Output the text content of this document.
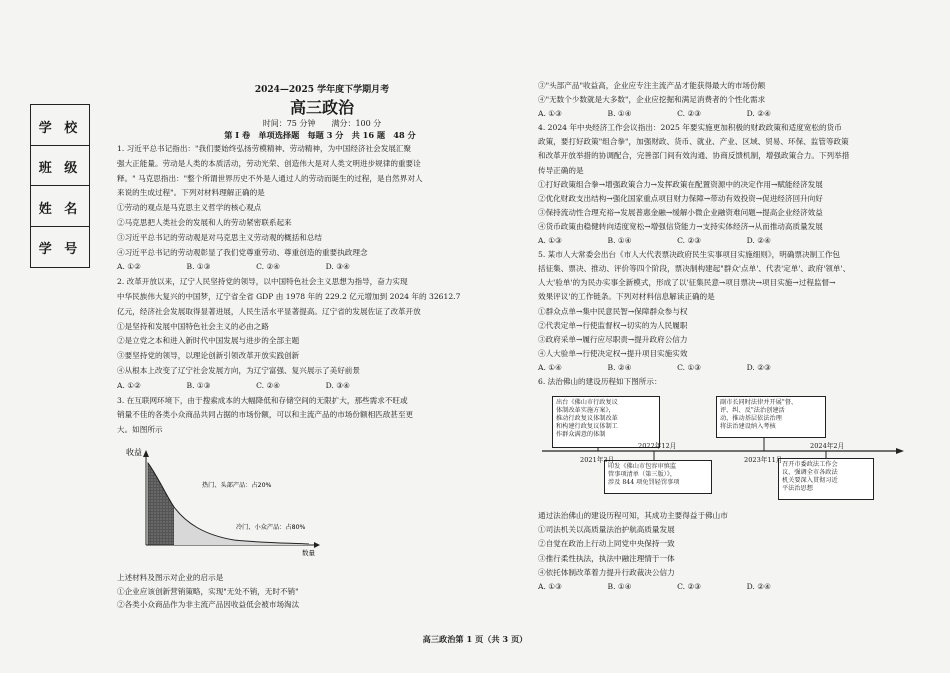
学 校
班 级
姓 名
学 号
2024—2025 学年度下学期月考
高三政治
时间：75 分钟　　满分：100 分
第 Ⅰ 卷　单项选择题　每题 3 分　共 16 题　48 分
1. 习近平总书记指出："我们要始终弘扬劳模精神、劳动精神，为中国经济社会发展汇聚
强大正能量。劳动是人类的本质活动，劳动光荣、创造伟大是对人类文明进步规律的重要诠
释。" 马克思指出："整个所谓世界历史不外是人通过人的劳动而诞生的过程，是自然界对人
来说的生成过程"。下列对材料理解正确的是
①劳动的观点是马克思主义哲学的核心观点
②马克思把人类社会的发展和人的劳动紧密联系起来
③习近平总书记的劳动观是对马克思主义劳动观的概括和总结
④习近平总书记的劳动观彰显了我们党尊重劳动、尊重创造的重要执政理念
A. ①②　　　　　　B. ①③　　　　　　C. ②④　　　　　　D. ③④
2. 改革开放以来，辽宁人民坚持党的领导，以中国特色社会主义思想为指导，奋力实现
中华民族伟大复兴的中国梦，辽宁省全省 GDP 由 1978 年的 229.2 亿元增加到 2024 年的 32612.7
亿元，经济社会发展取得显著进展，人民生活水平显著提高。辽宁省的发展佐证了改革开放
①是坚持和发展中国特色社会主义的必由之路
②是立党之本和进入新时代中国发展与进步的全部主题
③要坚持党的领导，以理论创新引领改革开放实践创新
④从根本上改变了辽宁社会发展方向，为辽宁富强、复兴展示了美好前景
A. ①②　　　　　　B. ①③　　　　　　C. ②④　　　　　　D. ③④
3. 在互联网环境下，由于搜索成本的大幅降低和存储空间的无限扩大，那些需求不旺或
销量不佳的各类小众商品共同占据的市场份额，可以和主流产品的市场份额相匹敌甚至更
大。如图所示
收益
数量
热门、头部产品：占20%
冷门、小众产品：占80%
上述材料及图示对企业的启示是
①企业应该创新营销策略，实现"无处不销，无时不销"
②各类小众商品作为非主流产品因收益低会被市场淘汰
③"头部产品"收益高，企业应专注主流产品才能获得最大的市场份额
④"无数个少数就是大多数"，企业应挖掘和满足消费者的个性化需求
A. ①③　　　　　　B. ①④　　　　　　C. ②③　　　　　　D. ②④
4. 2024 年中央经济工作会议指出：2025 年要实施更加积极的财政政策和适度宽松的货币
政策，要打好政策"组合拳"，加强财政、货币、就业、产业、区域、贸易、环保、监管等政策
和改革开放举措的协调配合，完善部门间有效沟通、协商反馈机制，增强政策合力。下列举措
传导正确的是
①打好政策组合拳→增强政策合力→发挥政策在配置资源中的决定作用→赋能经济发展
②优化财政支出结构→强化国家重点项目财力保障→带动有效投资→促进经济回升向好
③保持流动性合理充裕→发展普惠金融→缓解小微企业融资难问题→提高企业经济效益
④货币政策由稳健转向适度宽松→增强信贷能力→支持实体经济→从而推动高质量发展
A. ①③　　　　　　B. ①④　　　　　　C. ②③　　　　　　D. ②④
5. 某市人大常委会出台《市人大代表票决政府民生实事项目实施细则》，明确票决制工作包
括征集、票决、推动、评价等四个阶段，票决制构建起"群众'点单'、代表'定单'、政府'领单'、
人大'验单'的为民办实事全新模式，形成了以'征集民意→项目票决→项目实施→过程监督→
效果评议'的工作链条。下列对材料信息解读正确的是
①群众点单→集中民意民智→保障群众参与权
②代表定单→行使监督权→切实的为人民履职
③政府采单→履行应尽职责→提升政府公信力
④人大验单→行使决定权→提升项目实施实效
A. ①④　　　　　　B. ②④　　　　　　C. ①③　　　　　　D. ②③
6. 法治佛山的建设历程如下图所示：
出台《佛山市行政复议
体制改革实施方案》，
推动行政复议体制改革
和构建行政复议体制工
作群众满意的体制
副市长同时法律并开展"督、
评、纠、反"法治创建活
动，推动基层依法治理
将法治建设纳入考核
印发《佛山市包容审慎监
管事项清单（第三版）》，
涉及 844 项免罚轻罚事项
召开市委政法工作会
议，强调全市各政法
机关要深入贯彻习近
平法治思想
2021年3月
2022年12月
2023年11月
2024年2月
通过法治佛山的建设历程可知，其成功主要得益于佛山市
①司法机关以高质量法治护航高质量发展
②自觉在政治上行动上同党中央保持一致
③推行柔性执法，执法中融注理情于一体
④依托体制改革着力提升行政裁决公信力
A. ①③　　　　　　B. ①④　　　　　　C. ②③　　　　　　D. ②④
高三政治第 1 页（共 3 页）
